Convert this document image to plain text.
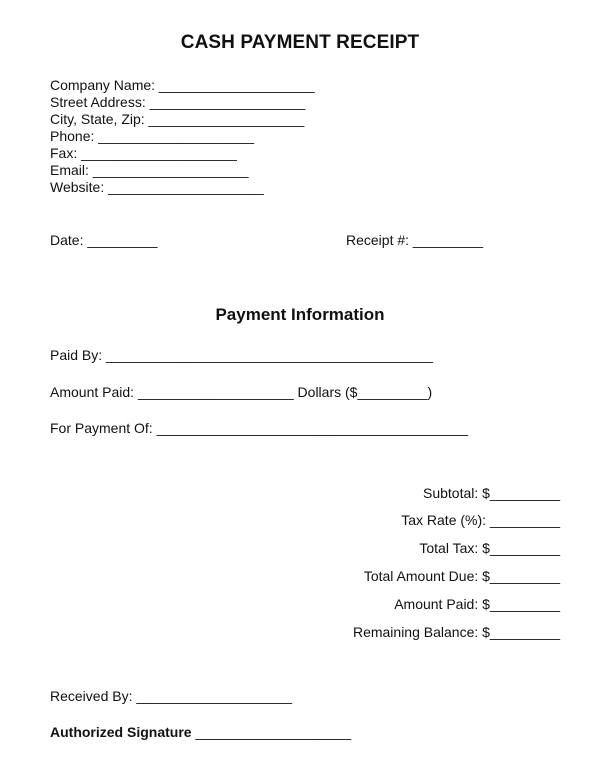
CASH PAYMENT RECEIPT
Company Name: ____________________
Street Address: ____________________
City, State, Zip: ____________________
Phone: ____________________
Fax: ____________________
Email: ____________________
Website: ____________________
Date: _________	Receipt #: _________
Payment Information
Paid By: __________________________________________
Amount Paid: ____________________ Dollars ($_________)
For Payment Of: ________________________________________
Subtotal: $_________
Tax Rate (%): _________
Total Tax: $_________
Total Amount Due: $_________
Amount Paid: $_________
Remaining Balance: $_________
Received By: ____________________
Authorized Signature ____________________
